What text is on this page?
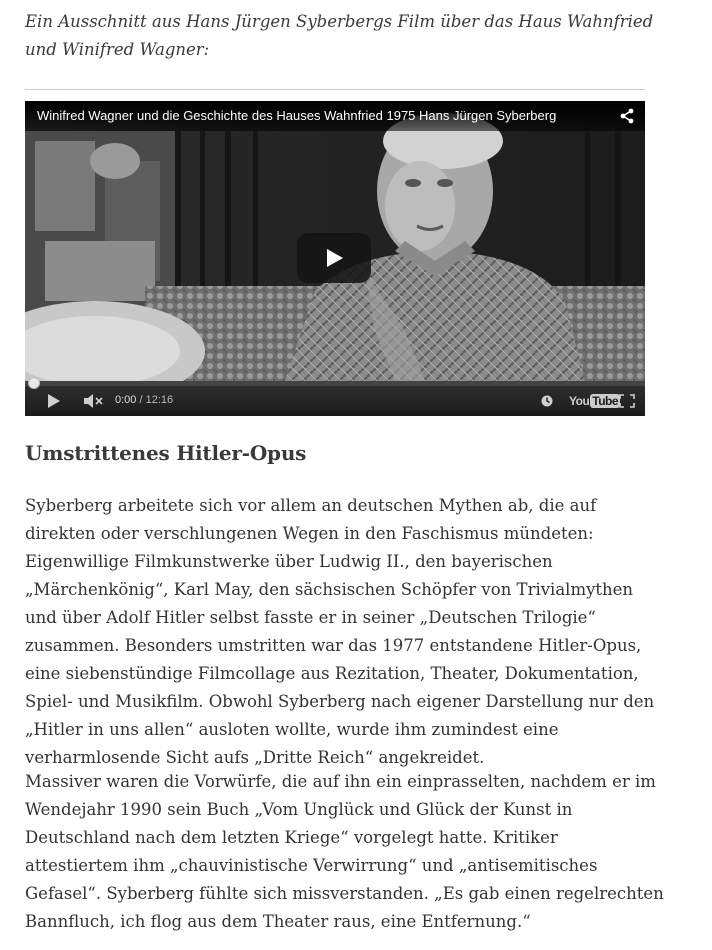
Ein Ausschnitt aus Hans Jürgen Syberbergs Film über das Haus Wahnfried und Winifred Wagner:
Winifred Wagner und die Geschichte des Hauses Wahnfried 1975 Hans Jürgen Syberberg
0:00 / 12:16	You Tube
Umstrittenes Hitler-Opus

Syberberg arbeitete sich vor allem an deutschen Mythen ab, die auf direkten oder verschlungenen Wegen in den Faschismus mündeten: Eigenwillige Filmkunstwerke über Ludwig II., den bayerischen „Märchenkönig“, Karl May, den sächsischen Schöpfer von Trivialmythen und über Adolf Hitler selbst fasste er in seiner „Deutschen Trilogie“ zusammen. Besonders umstritten war das 1977 entstandene Hitler-Opus, eine siebenstündige Filmcollage aus Rezitation, Theater, Dokumentation, Spiel- und Musikfilm. Obwohl Syberberg nach eigener Darstellung nur den „Hitler in uns allen“ ausloten wollte, wurde ihm zumindest eine verharmlosende Sicht aufs „Dritte Reich“ angekreidet.

Massiver waren die Vorwürfe, die auf ihn ein einprasselten, nachdem er im Wendejahr 1990 sein Buch „Vom Unglück und Glück der Kunst in Deutschland nach dem letzten Kriege“ vorgelegt hatte. Kritiker attestiertem ihm „chauvinistische Verwirrung“ und „antisemitisches Gefasel“. Syberberg fühlte sich missverstanden. „Es gab einen regelrechten Bannfluch, ich flog aus dem Theater raus, eine Entfernung.“
